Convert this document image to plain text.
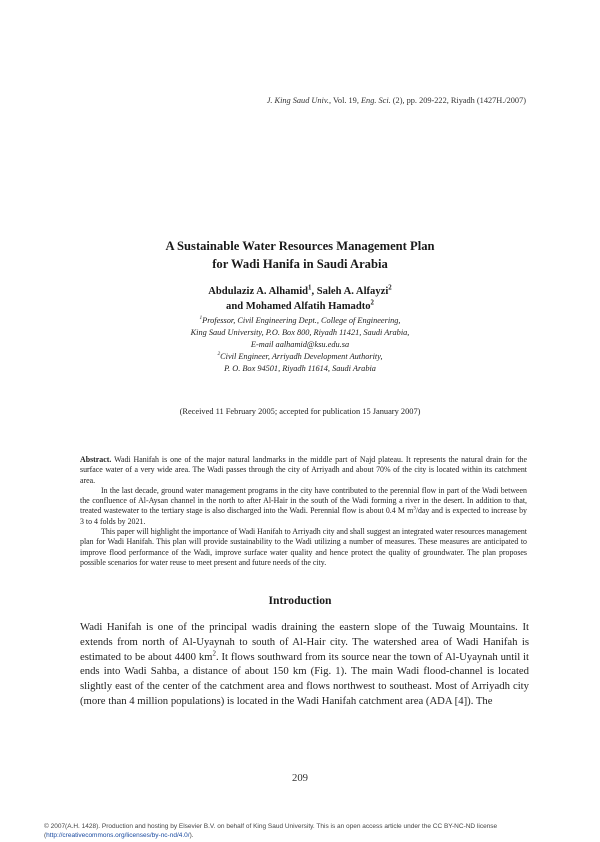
J. King Saud Univ., Vol. 19, Eng. Sci. (2), pp. 209-222, Riyadh (1427H./2007)
A Sustainable Water Resources Management Plan
for Wadi Hanifa in Saudi Arabia
Abdulaziz A. Alhamid$^1$, Saleh A. Alfayzi$^2$
and Mohamed Alfatih Hamadto$^2$
$^1$Professor, Civil Engineering Dept., College of Engineering,
King Saud University, P.O. Box 800, Riyadh 11421, Saudi Arabia,
E-mail aalhamid@ksu.edu.sa
$^2$Civil Engineer, Arriyadh Development Authority,
P. O. Box 94501, Riyadh 11614, Saudi Arabia
(Received 11 February 2005; accepted for publication 15 January 2007)

Abstract. Wadi Hanifah is one of the major natural landmarks in the middle part of Najd plateau. It represents the natural drain for the surface water of a very wide area. The Wadi passes through the city of Arriyadh and about 70% of the city is located within its catchment area.

In the last decade, ground water management programs in the city have contributed to the perennial flow in part of the Wadi between the confluence of Al-Aysan channel in the north to after Al-Hair in the south of the Wadi forming a river in the desert. In addition to that, treated wastewater to the tertiary stage is also discharged into the Wadi. Perennial flow is about 0.4 M $m^3$/day and is expected to increase by 3 to 4 folds by 2021.

This paper will highlight the importance of Wadi Hanifah to Arriyadh city and shall suggest an integrated water resources management plan for Wadi Hanifah. This plan will provide sustainability to the Wadi utilizing a number of measures. These measures are anticipated to improve flood performance of the Wadi, improve surface water quality and hence protect the quality of groundwater. The plan proposes possible scenarios for water reuse to meet present and future needs of the city.

Introduction

Wadi Hanifah is one of the principal wadis draining the eastern slope of the Tuwaig Mountains. It extends from north of Al-Uyaynah to south of Al-Hair city. The watershed area of Wadi Hanifah is estimated to be about 4400 $km^2$. It flows southward from its source near the town of Al-Uyaynah until it ends into Wadi Sahba, a distance of about 150 km (Fig. 1). The main Wadi flood-channel is located slightly east of the center of the catchment area and flows northwest to southeast. Most of Arriyadh city (more than 4 million populations) is located in the Wadi Hanifah catchment area (ADA [4]). The

209
© 2007(A.H. 1428). Production and hosting by Elsevier B.V. on behalf of King Saud University. This is an open access article under the CC BY-NC-ND license (http://creativecommons.org/licenses/by-nc-nd/4.0/).
